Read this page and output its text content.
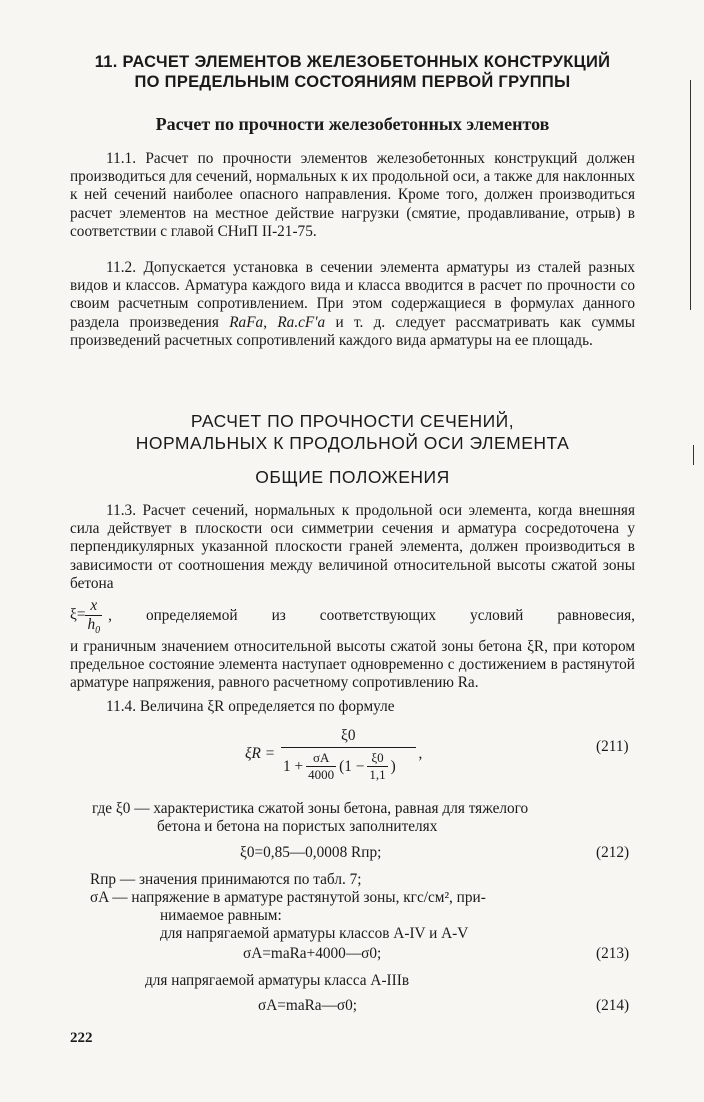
11. РАСЧЕТ ЭЛЕМЕНТОВ ЖЕЛЕЗОБЕТОННЫХ КОНСТРУКЦИЙ
ПО ПРЕДЕЛЬНЫМ СОСТОЯНИЯМ ПЕРВОЙ ГРУППЫ
Расчет по прочности железобетонных элементов

11.1. Расчет по прочности элементов железобетонных конструкций должен производиться для сечений, нормальных к их продольной оси, а также для наклонных к ней сечений наиболее опасного направления. Кроме того, должен производиться расчет элементов на местное действие нагрузки (смятие, продавливание, отрыв) в соответствии с главой СНиП II-21-75.

11.2. Допускается установка в сечении элемента арматуры из сталей разных видов и классов. Арматура каждого вида и класса вводится в расчет по прочности со своим расчетным сопротивлением. При этом содержащиеся в формулах данного раздела произведения RaFa, Ra.cF'a и т. д. следует рассматривать как суммы произведений расчетных сопротивлений каждого вида арматуры на ее площадь.

РАСЧЕТ ПО ПРОЧНОСТИ СЕЧЕНИЙ,
НОРМАЛЬНЫХ К ПРОДОЛЬНОЙ ОСИ ЭЛЕМЕНТА
ОБЩИЕ ПОЛОЖЕНИЯ

11.3. Расчет сечений, нормальных к продольной оси элемента, когда внешняя сила действует в плоскости оси симметрии сечения и арматура сосредоточена у перпендикулярных указанной плоскости граней элемента, должен производиться в зависимости от соотношения между величиной относительной высоты сжатой зоны бетона

$\xi= \frac{x}{h_0}$ , определяемой из соответствующих условий равновесия,

и граничным значением относительной высоты сжатой зоны бетона ξR, при котором предельное состояние элемента наступает одновременно с достижением в растянутой арматуре напряжения, равного расчетному сопротивлению Ra.

11.4. Величина ξR определяется по формуле

ξR =
ξ0
$1 + \frac{\sigma A}{4000} (1 - \frac{\xi 0}{1,1}$ )
,	(211)
где ξ0 — характеристика сжатой зоны бетона, равная для тяжелого
бетона и бетона на пористых заполнителях
ξ0=0,85—0,0008 Rпр;	(212)
Rпр — значения принимаются по табл. 7;
σA — напряжение в арматуре растянутой зоны, кгс/см², при-
нимаемое равным:
для напрягаемой арматуры классов A-IV и A-V
σA=maRa+4000—σ0;	(213)
для напрягаемой арматуры класса A-IIIв
σA=maRa—σ0;	(214)
222
